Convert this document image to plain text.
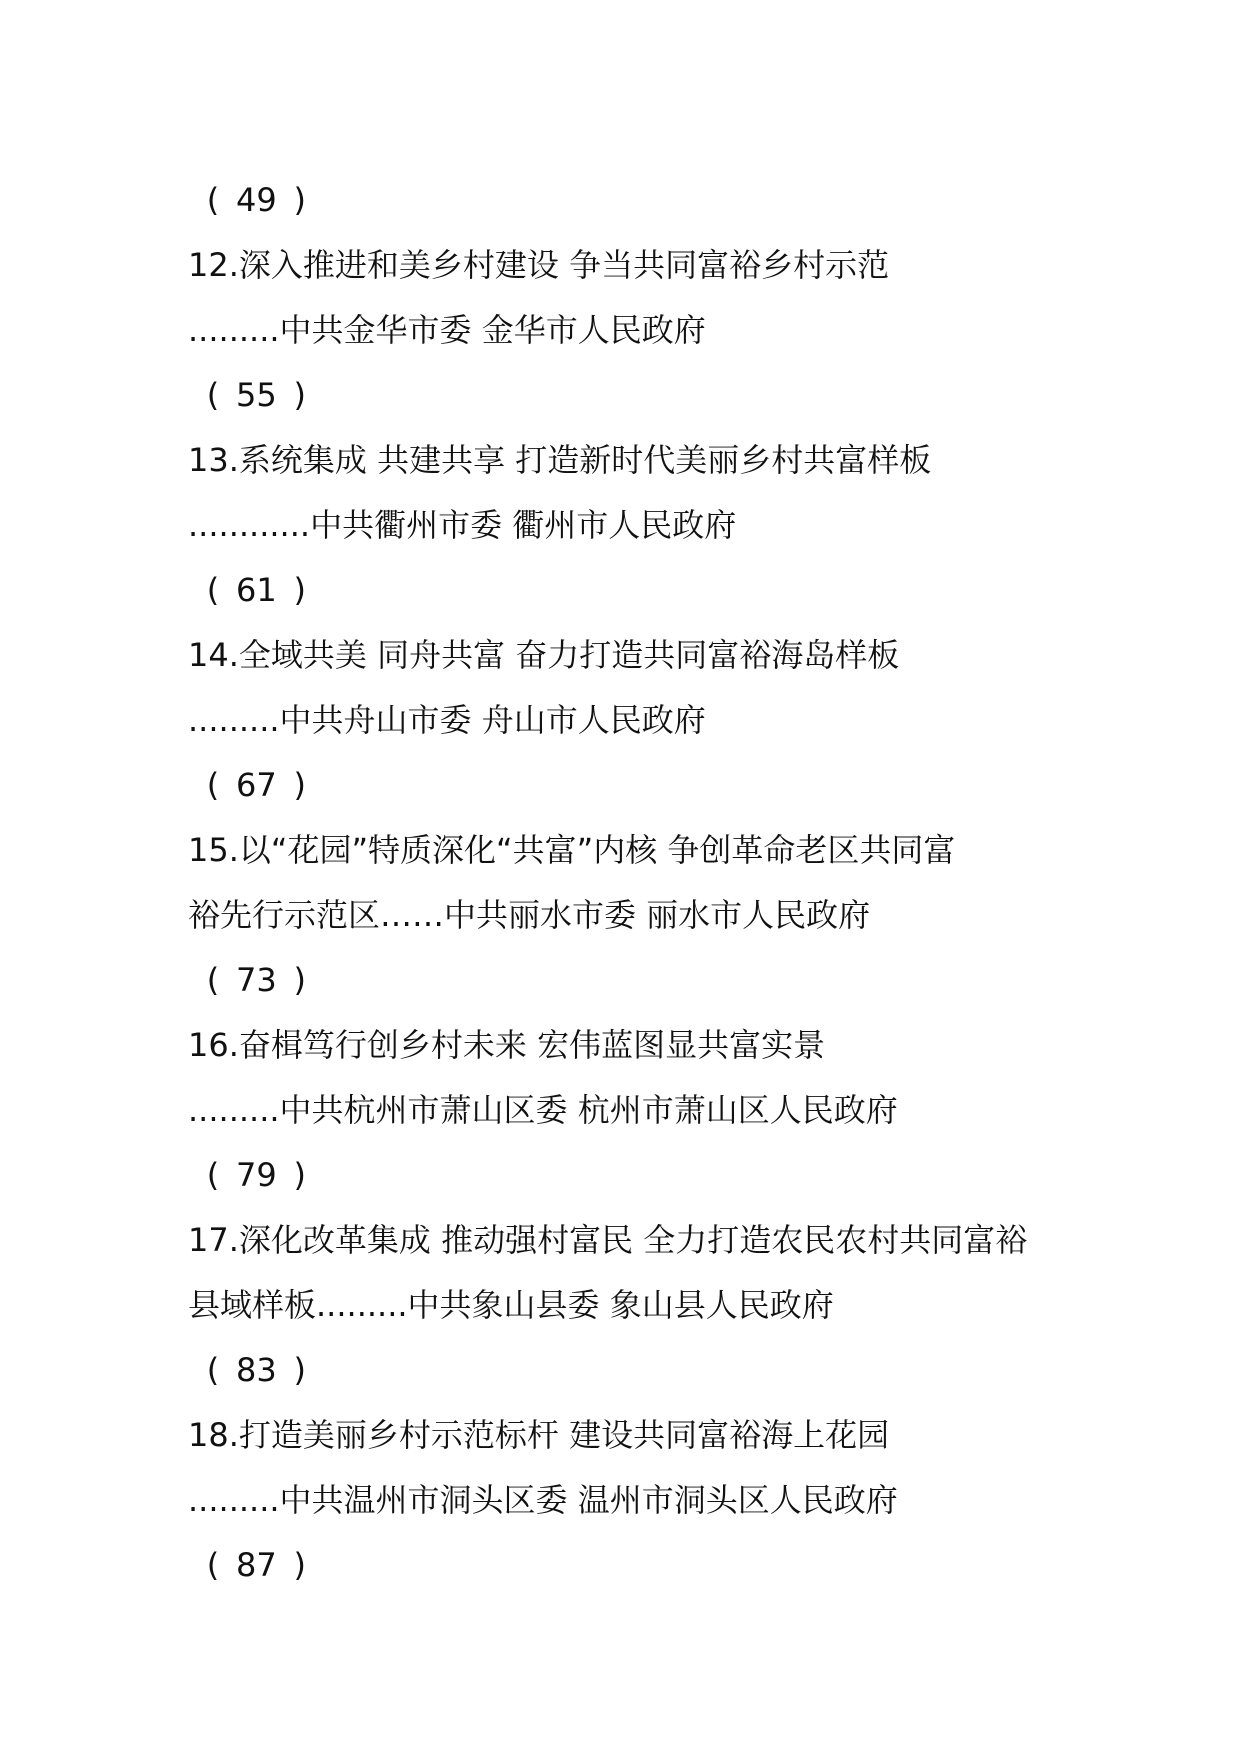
( 49 )
12.深入推进和美乡村建设 争当共同富裕乡村示范
.........中共金华市委 金华市人民政府
( 55 )
13.系统集成 共建共享 打造新时代美丽乡村共富样板
............中共衢州市委 衢州市人民政府
( 61 )
14.全域共美 同舟共富 奋力打造共同富裕海岛样板
.........中共舟山市委 舟山市人民政府
( 67 )
15.以“花园”特质深化“共富”内核 争创革命老区共同富
裕先行示范区……中共丽水市委 丽水市人民政府
( 73 )
16.奋楫笃行创乡村未来 宏伟蓝图显共富实景
.........中共杭州市萧山区委 杭州市萧山区人民政府
( 79 )
17.深化改革集成 推动强村富民 全力打造农民农村共同富裕
县域样板.........中共象山县委 象山县人民政府
( 83 )
18.打造美丽乡村示范标杆 建设共同富裕海上花园
.........中共温州市洞头区委 温州市洞头区人民政府
( 87 )
